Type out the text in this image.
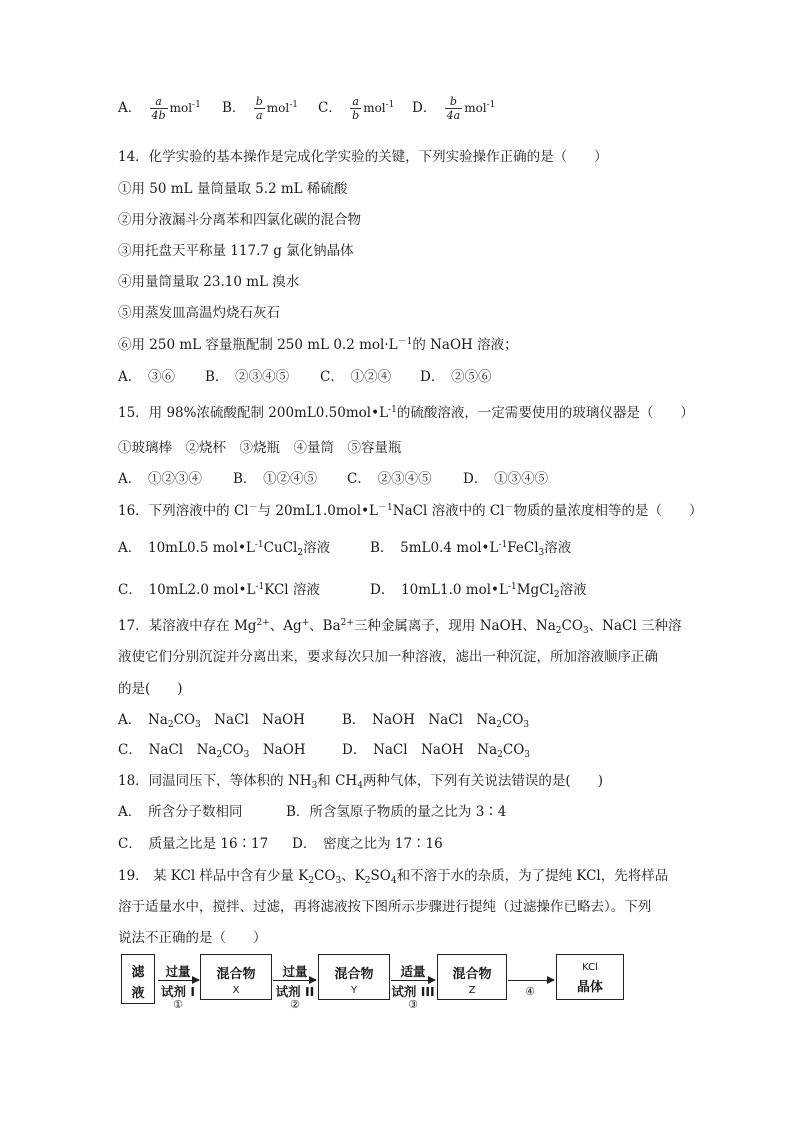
A． $\frac{a}{4b} mol^{-1}$ B． $\frac{b}{a} mol^{-1}$ C． $\frac{a}{b} mol^{-1}$ D． $\frac{b}{4a} mol^{-1}$
14．化学实验的基本操作是完成化学实验的关键，下列实验操作正确的是（　　）
①用 50 mL 量筒量取 5.2 mL 稀硫酸
②用分液漏斗分离苯和四氯化碳的混合物
③用托盘天平称量 117.7 g 氯化钠晶体
④用量筒量取 23.10 mL 溴水
⑤用蒸发皿高温灼烧石灰石
⑥用 250 mL 容量瓶配制 250 mL 0.2 $mol\cdot L^{-1}$的 NaOH 溶液；
A．　③⑥ B．　②③④⑤ C．　①②④ D．　②⑤⑥
15．用 98%浓硫酸配制 $200mL0.50mol•L^{-1}$的硫酸溶液，一定需要使用的玻璃仪器是（　　）
①玻璃棒　②烧杯　③烧瓶　④量筒　⑤容量瓶
A．　①②③④ B．　①②④⑤ C．　②③④⑤ D．　①③④⑤
16．下列溶液中的 Cl－与 $20mL1.0mol•L^{-1}NaCl$ 溶液中的 Cl－物质的量浓度相等的是（　　）
A．　10mL0.5 $mol•L^{-1}CuCl_2$溶液	B．　5mL0.4 $mol•L^{-1}FeCl_3$溶液
C．　10mL2.0 $mol•L^{-1}KCl$ 溶液	D．　10mL1.0 $mol•L^{-1}MgCl_2$溶液
17．某溶液中存在 $Mg^{2+}$、Ag+、$Ba^{2+}$三种金属离子，现用 NaOH、$Na_2CO_3$、NaCl 三种溶
液使它们分别沉淀并分离出来，要求每次只加一种溶液，滤出一种沉淀，所加溶液顺序正确
的是(　　)
A．　$Na_2CO_3$　NaCl　NaOH	B．　NaOH　NaCl　$Na_2CO_3$
C．　NaCl　$Na_2CO_3$　NaOH	D．　NaCl　NaOH　$Na_2CO_3$
18．同温同压下，等体积的 $NH_3$和 $CH_4$两种气体，下列有关说法错误的是(　　)
A．　所含分子数相同	B．所含氢原子物质的量之比为 3∶4
C．　质量之比是 16∶17 D．　密度之比为 17∶16
19． 某 KCl 样品中含有少量 $K_2CO_3$、$K_2SO_4$和不溶于水的杂质，为了提纯 KCl，先将样品
溶于适量水中，搅拌、过滤，再将滤液按下图所示步骤进行提纯（过滤操作已略去）。下列
说法不正确的是（　　）
滤
液
过量
试剂 I
①
混合物
X
过量
试剂 II
②
混合物
Y
适量
试剂 III
③
混合物
Z	④
KCl
晶体
